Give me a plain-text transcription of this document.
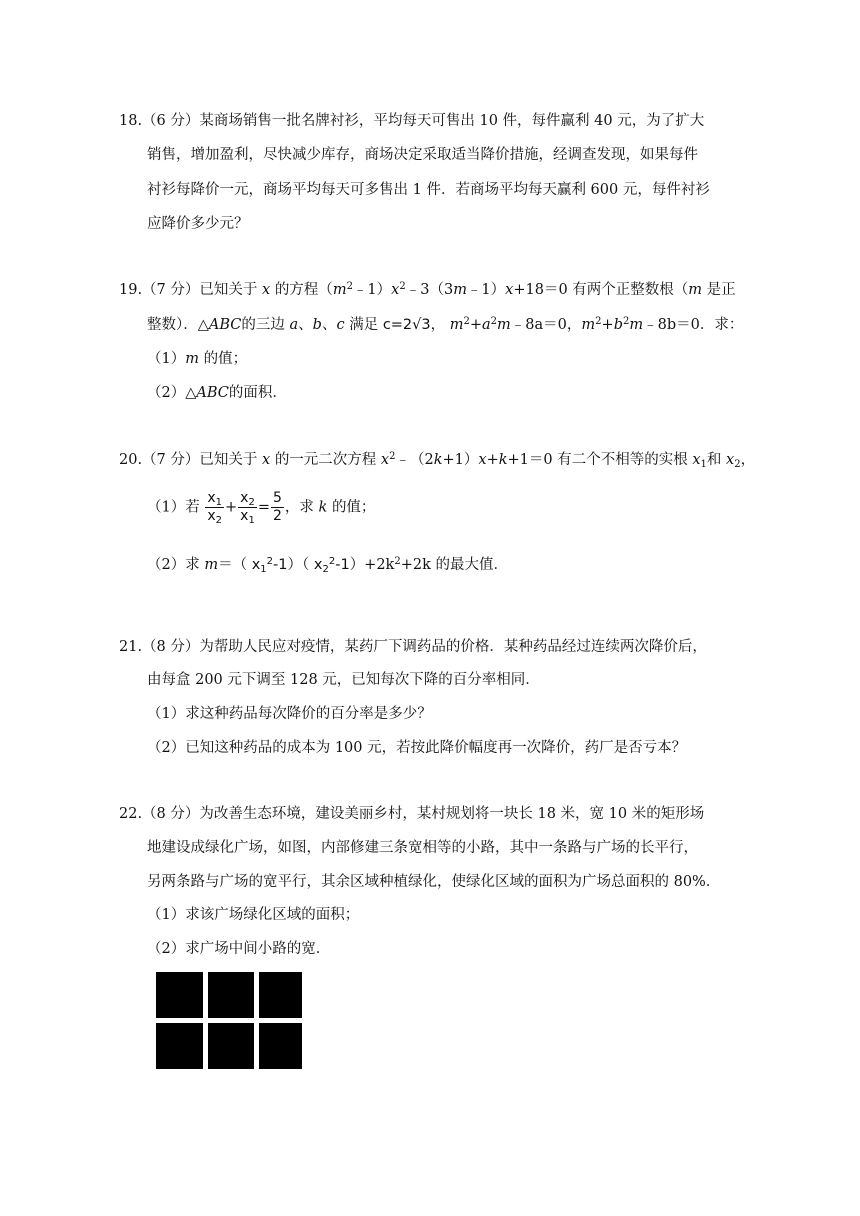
18.（6 分）某商场销售一批名牌衬衫，平均每天可售出 10 件，每件赢利 40 元，为了扩大
销售，增加盈利，尽快减少库存，商场决定采取适当降价措施，经调查发现，如果每件
衬衫每降价一元，商场平均每天可多售出 1 件．若商场平均每天赢利 600 元，每件衬衫
应降价多少元？
19.（7 分）已知关于 x 的方程$(m^2﹣1)x^2﹣3(3m﹣1)x+18=0$ 有两个正整数根（m 是正
整数）．△ABC的三边 a、b、c 满足 c=2√3， $m^2+a^2m﹣8a=0$，$m^2+b^2m﹣8b=0$．求：
（1）m 的值；
（2）△ABC的面积．
20.（7 分）已知关于 x 的一元二次方程 $x^2﹣(2k+1)x+k+1=0$ 有二个不相等的实根 $x_1$和 $x_2$，
（1）若 $\frac{x_1}{x_2} + \frac{x_2}{x_1} = \frac{5}{2}$ ，求 k 的值；
（2）求 m＝（ $x_1^2-1$）（ $x_2^2-1)+2k^2+2k$ 的最大值．
21.（8 分）为帮助人民应对疫情，某药厂下调药品的价格．某种药品经过连续两次降价后，
由每盒 200 元下调至 128 元，已知每次下降的百分率相同．
（1）求这种药品每次降价的百分率是多少？
（2）已知这种药品的成本为 100 元，若按此降价幅度再一次降价，药厂是否亏本？
22.（8 分）为改善生态环境，建设美丽乡村，某村规划将一块长 18 米，宽 10 米的矩形场
地建设成绿化广场，如图，内部修建三条宽相等的小路，其中一条路与广场的长平行，
另两条路与广场的宽平行，其余区域种植绿化，使绿化区域的面积为广场总面积的 80%．
（1）求该广场绿化区域的面积；
（2）求广场中间小路的宽．
